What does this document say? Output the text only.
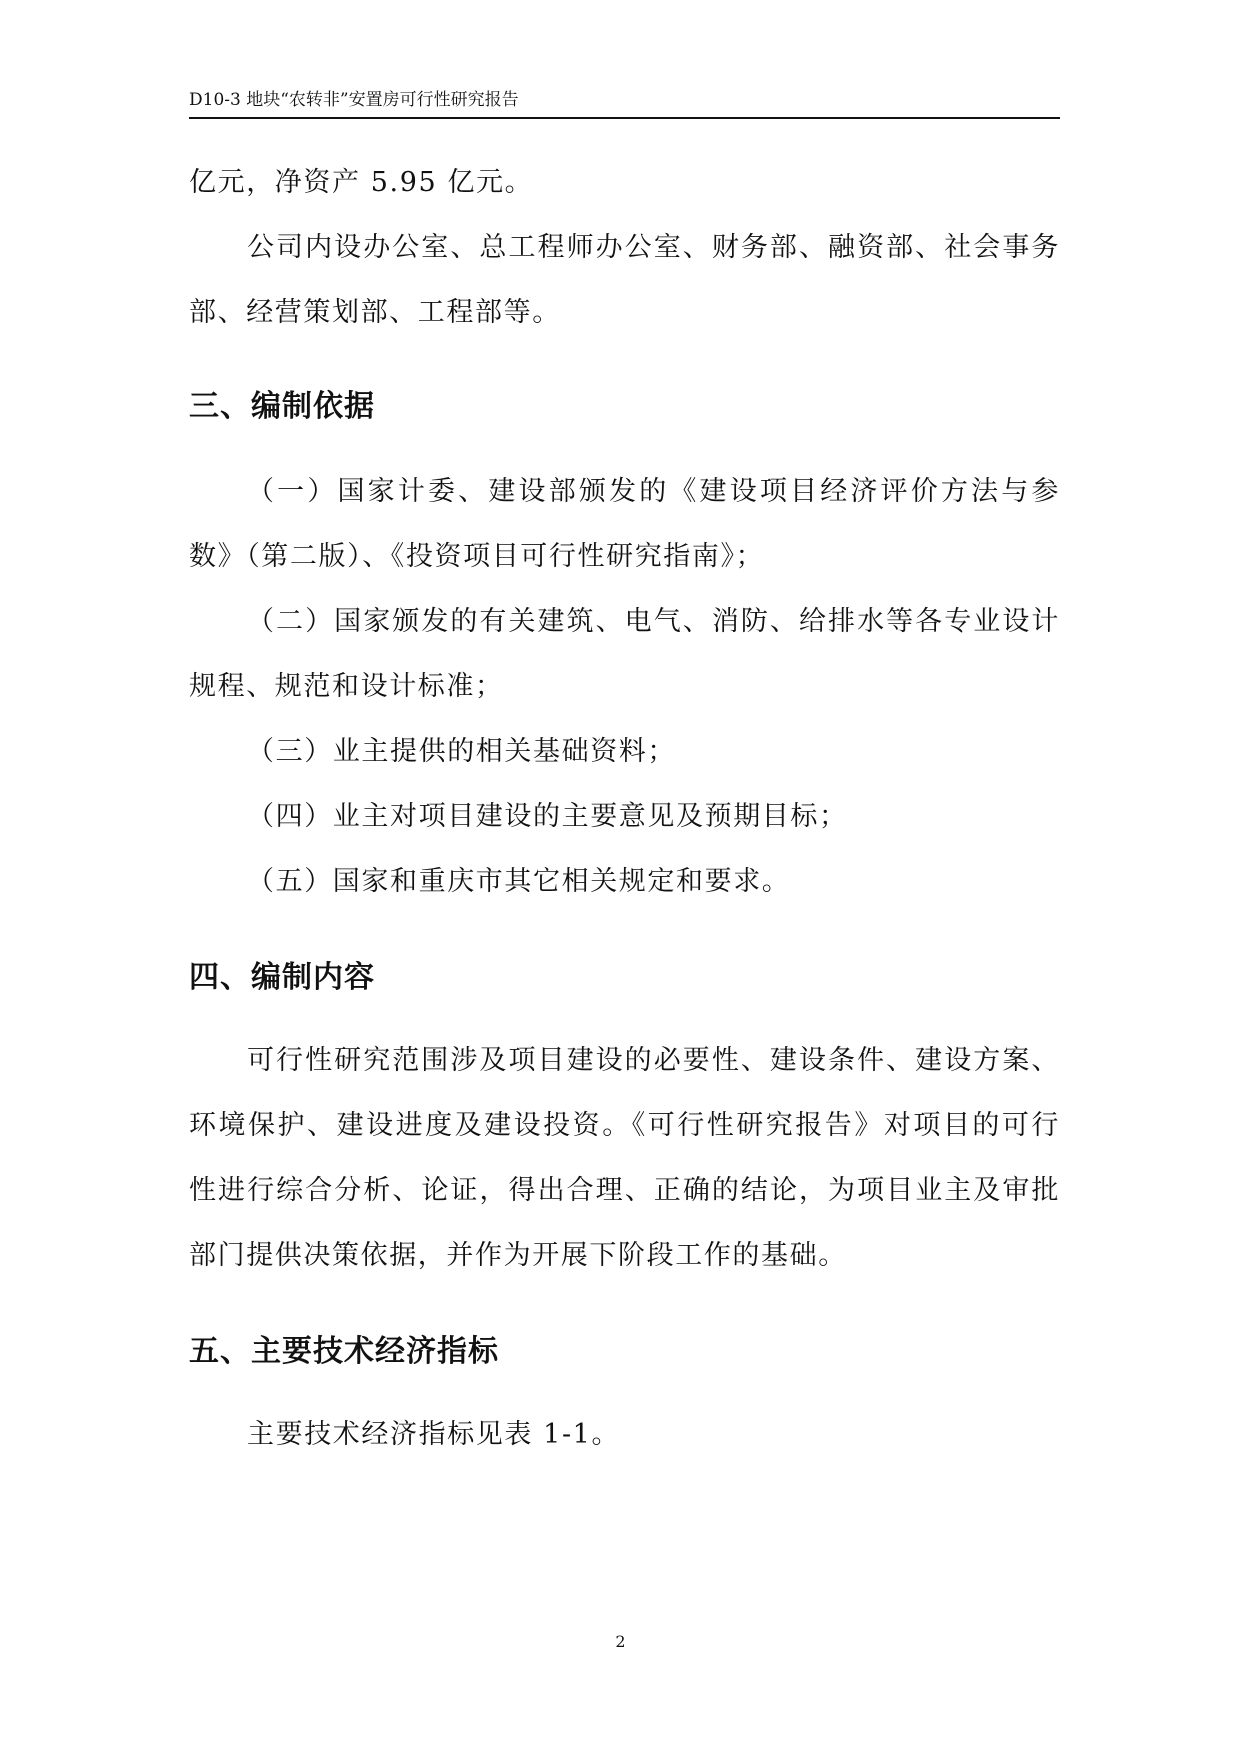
D10-3 地块“农转非”安置房可行性研究报告

亿元，净资产 5.95 亿元。

公司内设办公室、总工程师办公室、财务部、融资部、社会事务部、经营策划部、工程部等。

三、编制依据

（一）国家计委、建设部颁发的《建设项目经济评价方法与参数》（第二版）、《投资项目可行性研究指南》；

（二）国家颁发的有关建筑、电气、消防、给排水等各专业设计规程、规范和设计标准；

（三）业主提供的相关基础资料；

（四）业主对项目建设的主要意见及预期目标；

（五）国家和重庆市其它相关规定和要求。

四、编制内容

可行性研究范围涉及项目建设的必要性、建设条件、建设方案、环境保护、建设进度及建设投资。《可行性研究报告》对项目的可行性进行综合分析、论证，得出合理、正确的结论，为项目业主及审批部门提供决策依据，并作为开展下阶段工作的基础。

五、主要技术经济指标

主要技术经济指标见表 1-1。

2
